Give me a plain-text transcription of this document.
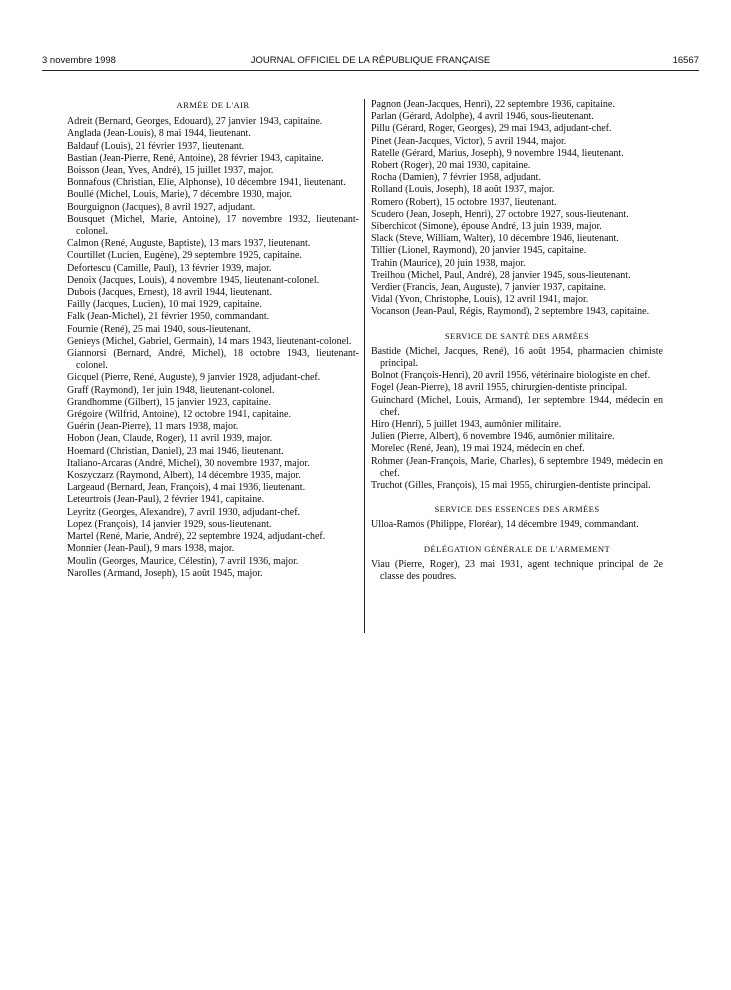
3 novembre 1998	JOURNAL OFFICIEL DE LA RÉPUBLIQUE FRANÇAISE	16567
ARMÉE DE L'AIR
Adreit (Bernard, Georges, Edouard), 27 janvier 1943, capitaine.
Anglada (Jean-Louis), 8 mai 1944, lieutenant.
Baldauf (Louis), 21 février 1937, lieutenant.
Bastian (Jean-Pierre, René, Antoine), 28 février 1943, capitaine.
Boisson (Jean, Yves, André), 15 juillet 1937, major.
Bonnafous (Christian, Elie, Alphonse), 10 décembre 1941, lieutenant.
Boullé (Michel, Louis, Marie), 7 décembre 1930, major.
Bourguignon (Jacques), 8 avril 1927, adjudant.
Bousquet (Michel, Marie, Antoine), 17 novembre 1932, lieutenant-colonel.
Calmon (René, Auguste, Baptiste), 13 mars 1937, lieutenant.
Courtillet (Lucien, Eugène), 29 septembre 1925, capitaine.
Defortescu (Camille, Paul), 13 février 1939, major.
Denoix (Jacques, Louis), 4 novembre 1945, lieutenant-colonel.
Dubois (Jacques, Ernest), 18 avril 1944, lieutenant.
Failly (Jacques, Lucien), 10 mai 1929, capitaine.
Falk (Jean-Michel), 21 février 1950, commandant.
Fournie (René), 25 mai 1940, sous-lieutenant.
Genieys (Michel, Gabriel, Germain), 14 mars 1943, lieutenant-colonel.
Giannorsi (Bernard, André, Michel), 18 octobre 1943, lieutenant-colonel.
Gicquel (Pierre, René, Auguste), 9 janvier 1928, adjudant-chef.
Graff (Raymond), 1er juin 1948, lieutenant-colonel.
Grandhomme (Gilbert), 15 janvier 1923, capitaine.
Grégoire (Wilfrid, Antoine), 12 octobre 1941, capitaine.
Guérin (Jean-Pierre), 11 mars 1938, major.
Hobon (Jean, Claude, Roger), 11 avril 1939, major.
Hoemard (Christian, Daniel), 23 mai 1946, lieutenant.
Italiano-Arcaras (André, Michel), 30 novembre 1937, major.
Koszyczarz (Raymond, Albert), 14 décembre 1935, major.
Largeaud (Bernard, Jean, François), 4 mai 1936, lieutenant.
Leteurtrois (Jean-Paul), 2 février 1941, capitaine.
Leyritz (Georges, Alexandre), 7 avril 1930, adjudant-chef.
Lopez (François), 14 janvier 1929, sous-lieutenant.
Martel (René, Marie, André), 22 septembre 1924, adjudant-chef.
Monnier (Jean-Paul), 9 mars 1938, major.
Moulin (Georges, Maurice, Célestin), 7 avril 1936, major.
Narolles (Armand, Joseph), 15 août 1945, major.
Pagnon (Jean-Jacques, Henri), 22 septembre 1936, capitaine.
Parlan (Gérard, Adolphe), 4 avril 1946, sous-lieutenant.
Pillu (Gérard, Roger, Georges), 29 mai 1943, adjudant-chef.
Pinet (Jean-Jacques, Victor), 5 avril 1944, major.
Ratelle (Gérard, Marius, Joseph), 9 novembre 1944, lieutenant.
Robert (Roger), 20 mai 1930, capitaine.
Rocha (Damien), 7 février 1958, adjudant.
Rolland (Louis, Joseph), 18 août 1937, major.
Romero (Robert), 15 octobre 1937, lieutenant.
Scudero (Jean, Joseph, Henri), 27 octobre 1927, sous-lieutenant.
Siberchicot (Simone), épouse André, 13 juin 1939, major.
Slack (Steve, William, Walter), 10 décembre 1946, lieutenant.
Tillier (Lionel, Raymond), 20 janvier 1945, capitaine.
Trahin (Maurice), 20 juin 1938, major.
Treilhou (Michel, Paul, André), 28 janvier 1945, sous-lieutenant.
Verdier (Francis, Jean, Auguste), 7 janvier 1937, capitaine.
Vidal (Yvon, Christophe, Louis), 12 avril 1941, major.
Vocanson (Jean-Paul, Régis, Raymond), 2 septembre 1943, capitaine.
SERVICE DE SANTÉ DES ARMÉES
Bastide (Michel, Jacques, René), 16 août 1954, pharmacien chimiste principal.
Bolnot (François-Henri), 20 avril 1956, vétérinaire biologiste en chef.
Fogel (Jean-Pierre), 18 avril 1955, chirurgien-dentiste principal.
Guinchard (Michel, Louis, Armand), 1er septembre 1944, médecin en chef.
Hiro (Henri), 5 juillet 1943, aumônier militaire.
Julien (Pierre, Albert), 6 novembre 1946, aumônier militaire.
Morelec (René, Jean), 19 mai 1924, médecin en chef.
Rohmer (Jean-François, Marie, Charles), 6 septembre 1949, médecin en chef.
Truchot (Gilles, François), 15 mai 1955, chirurgien-dentiste principal.
SERVICE DES ESSENCES DES ARMÉES
Ulloa-Ramos (Philippe, Floréar), 14 décembre 1949, commandant.
DÉLÉGATION GÉNÉRALE DE L'ARMEMENT
Viau (Pierre, Roger), 23 mai 1931, agent technique principal de 2e classe des poudres.
